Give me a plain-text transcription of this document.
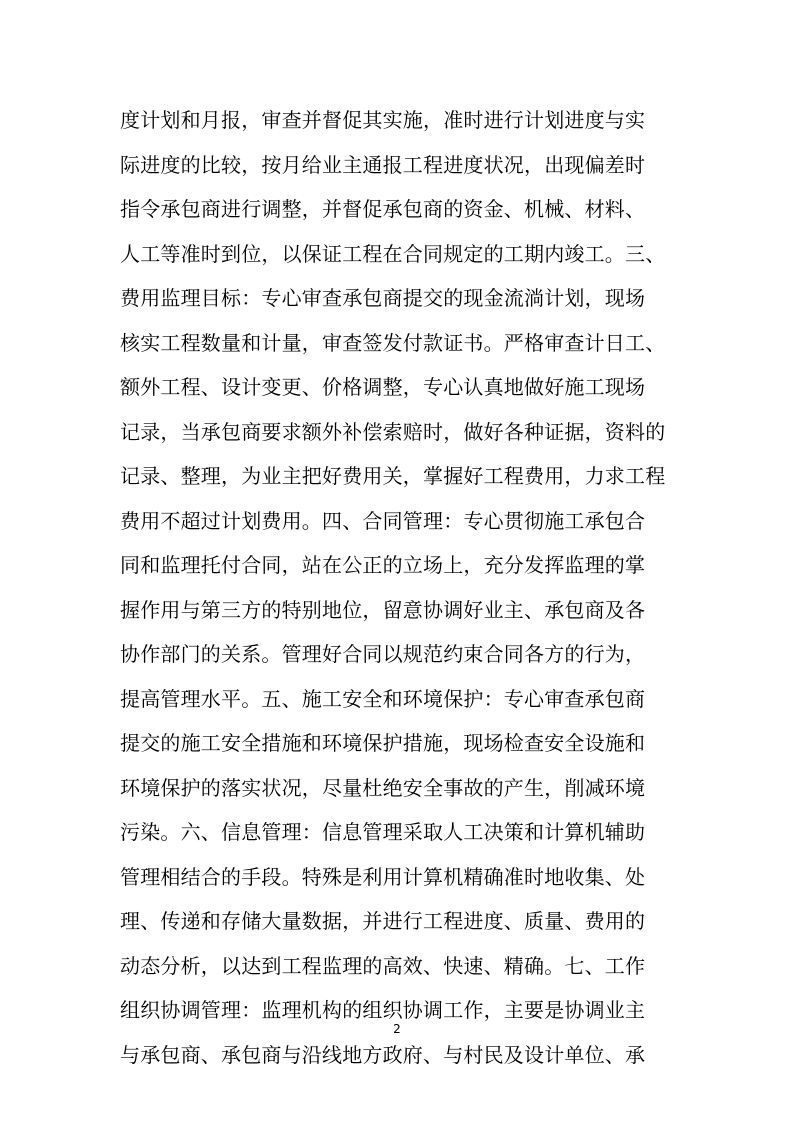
度计划和月报，审查并督促其实施，准时进行计划进度与实
际进度的比较，按月给业主通报工程进度状况，出现偏差时
指令承包商进行调整，并督促承包商的资金、机械、材料、
人工等准时到位，以保证工程在合同规定的工期内竣工。三、
费用监理目标：专心审查承包商提交的现金流淌计划，现场
核实工程数量和计量，审查签发付款证书。严格审查计日工、
额外工程、设计变更、价格调整，专心认真地做好施工现场
记录，当承包商要求额外补偿索赔时，做好各种证据，资料的
记录、整理，为业主把好费用关，掌握好工程费用，力求工程
费用不超过计划费用。四、合同管理：专心贯彻施工承包合
同和监理托付合同，站在公正的立场上，充分发挥监理的掌
握作用与第三方的特别地位，留意协调好业主、承包商及各
协作部门的关系。管理好合同以规范约束合同各方的行为，
提高管理水平。五、施工安全和环境保护：专心审查承包商
提交的施工安全措施和环境保护措施，现场检查安全设施和
环境保护的落实状况，尽量杜绝安全事故的产生，削减环境
污染。六、信息管理：信息管理采取人工决策和计算机辅助
管理相结合的手段。特殊是利用计算机精确准时地收集、处
理、传递和存储大量数据，并进行工程进度、质量、费用的
动态分析，以达到工程监理的高效、快速、精确。七、工作
组织协调管理：监理机构的组织协调工作，主要是协调业主
与承包商、承包商与沿线地方政府、与村民及设计单位、承
2
